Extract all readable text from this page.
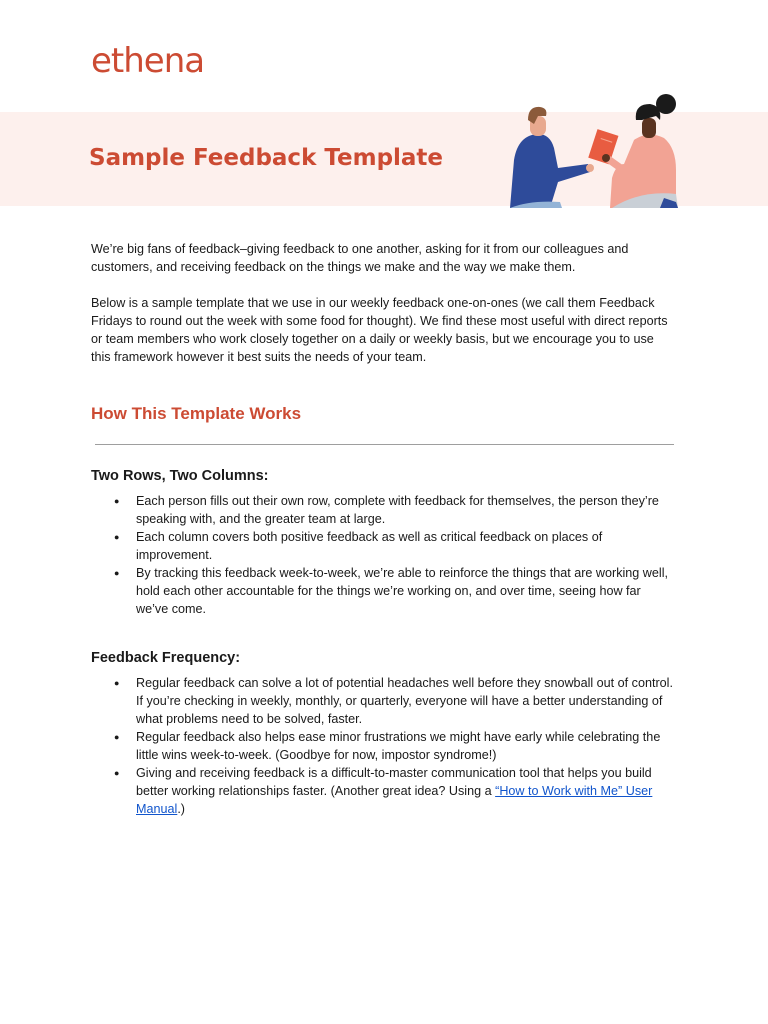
ethena
Sample Feedback Template

We’re big fans of feedback–giving feedback to one another, asking for it from our colleagues and customers, and receiving feedback on the things we make and the way we make them.

Below is a sample template that we use in our weekly feedback one-on-ones (we call them Feedback Fridays to round out the week with some food for thought). We find these most useful with direct reports or team members who work closely together on a daily or weekly basis, but we encourage you to use this framework however it best suits the needs of your team.

How This Template Works
Two Rows, Two Columns:
● Each person fills out their own row, complete with feedback for themselves, the person they’re speaking with, and the greater team at large.
● Each column covers both positive feedback as well as critical feedback on places of improvement.
● By tracking this feedback week-to-week, we’re able to reinforce the things that are working well, hold each other accountable for the things we’re working on, and over time, seeing how far we’ve come.
Feedback Frequency:
● Regular feedback can solve a lot of potential headaches well before they snowball out of control. If you’re checking in weekly, monthly, or quarterly, everyone will have a better understanding of what problems need to be solved, faster.
● Regular feedback also helps ease minor frustrations we might have early while celebrating the little wins week-to-week. (Goodbye for now, impostor syndrome!)
● Giving and receiving feedback is a difficult-to-master communication tool that helps you build better working relationships faster. (Another great idea? Using a “How to Work with Me” User Manual.)
